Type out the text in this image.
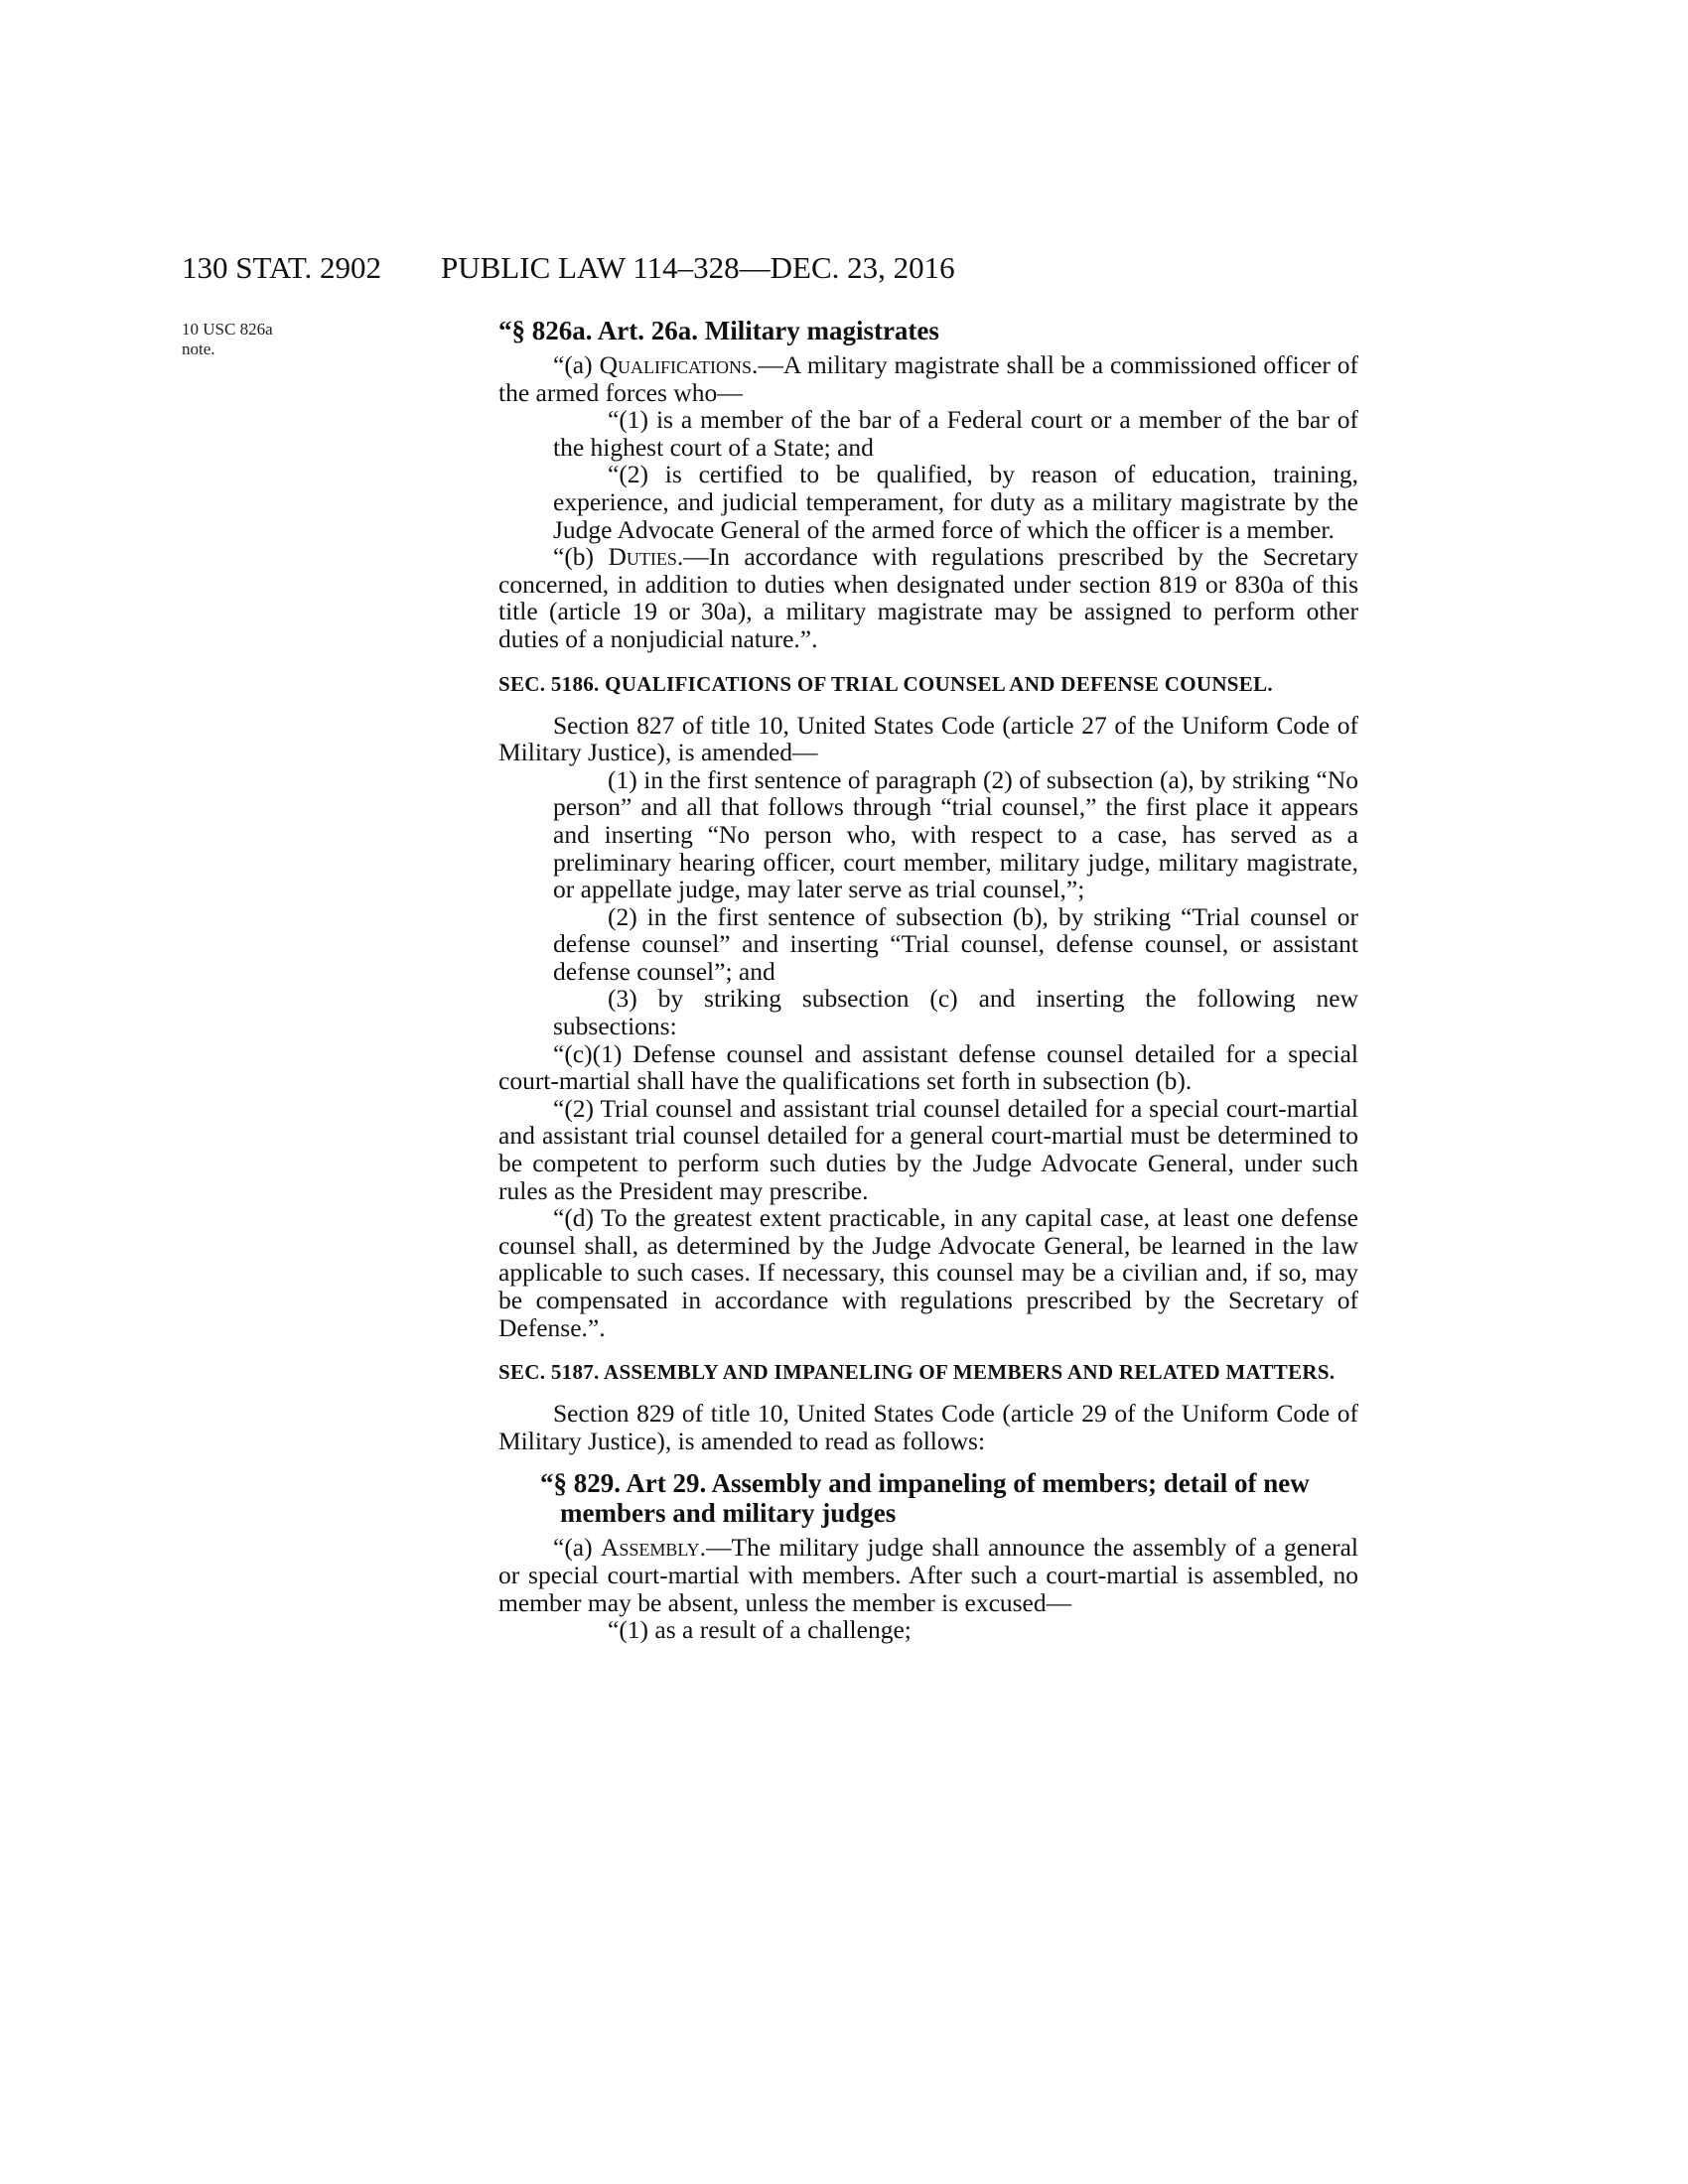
130 STAT. 2902 PUBLIC LAW 114–328—DEC. 23, 2016
10 USC 826a note.

“§ 826a. Art. 26a. Military magistrates

“(a) Qualifications.—A military magistrate shall be a commissioned officer of the armed forces who—

“(1) is a member of the bar of a Federal court or a member of the bar of the highest court of a State; and

“(2) is certified to be qualified, by reason of education, training, experience, and judicial temperament, for duty as a military magistrate by the Judge Advocate General of the armed force of which the officer is a member.

“(b) Duties.—In accordance with regulations prescribed by the Secretary concerned, in addition to duties when designated under section 819 or 830a of this title (article 19 or 30a), a military magistrate may be assigned to perform other duties of a nonjudicial nature.”.

SEC. 5186. QUALIFICATIONS OF TRIAL COUNSEL AND DEFENSE COUNSEL.

Section 827 of title 10, United States Code (article 27 of the Uniform Code of Military Justice), is amended—

(1) in the first sentence of paragraph (2) of subsection (a), by striking “No person” and all that follows through “trial counsel,” the first place it appears and inserting “No person who, with respect to a case, has served as a preliminary hearing officer, court member, military judge, military magistrate, or appellate judge, may later serve as trial counsel,”;

(2) in the first sentence of subsection (b), by striking “Trial counsel or defense counsel” and inserting “Trial counsel, defense counsel, or assistant defense counsel”; and

(3) by striking subsection (c) and inserting the following new subsections:

“(c)(1) Defense counsel and assistant defense counsel detailed for a special court-martial shall have the qualifications set forth in subsection (b).

“(2) Trial counsel and assistant trial counsel detailed for a special court-martial and assistant trial counsel detailed for a general court-martial must be determined to be competent to perform such duties by the Judge Advocate General, under such rules as the President may prescribe.

“(d) To the greatest extent practicable, in any capital case, at least one defense counsel shall, as determined by the Judge Advocate General, be learned in the law applicable to such cases. If necessary, this counsel may be a civilian and, if so, may be compensated in accordance with regulations prescribed by the Secretary of Defense.”.

SEC. 5187. ASSEMBLY AND IMPANELING OF MEMBERS AND RELATED MATTERS.

Section 829 of title 10, United States Code (article 29 of the Uniform Code of Military Justice), is amended to read as follows:

“§ 829. Art 29. Assembly and impaneling of members; detail of new members and military judges

“(a) Assembly.—The military judge shall announce the assembly of a general or special court-martial with members. After such a court-martial is assembled, no member may be absent, unless the member is excused—

“(1) as a result of a challenge;
